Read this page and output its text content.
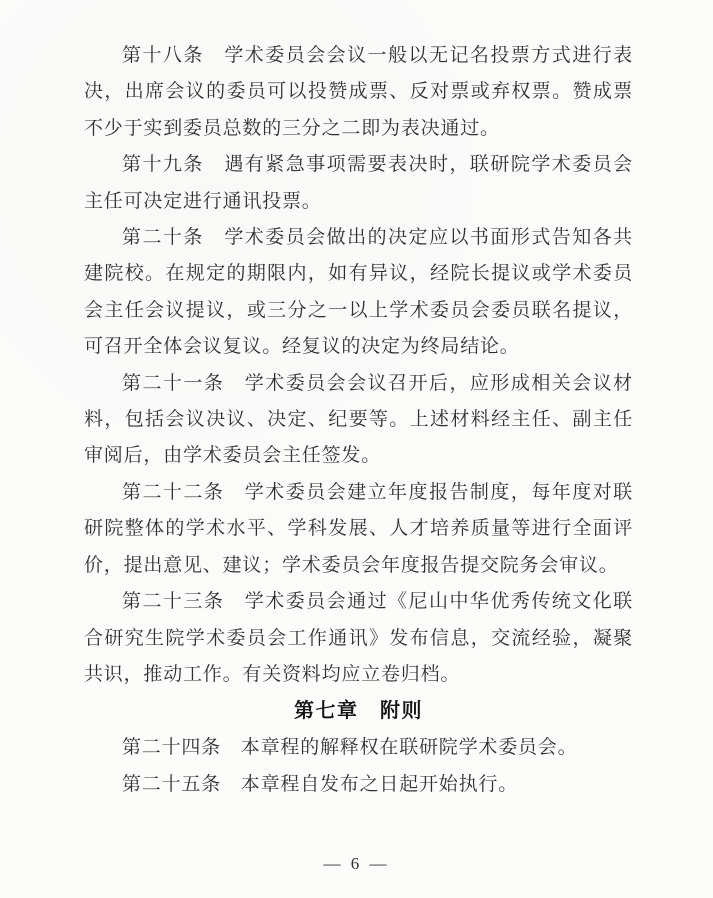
第十八条　学术委员会会议一般以无记名投票方式进行表决，出席会议的委员可以投赞成票、反对票或弃权票。赞成票不少于实到委员总数的三分之二即为表决通过。

第十九条　遇有紧急事项需要表决时，联研院学术委员会主任可决定进行通讯投票。

第二十条　学术委员会做出的决定应以书面形式告知各共建院校。在规定的期限内，如有异议，经院长提议或学术委员会主任会议提议，或三分之一以上学术委员会委员联名提议，可召开全体会议复议。经复议的决定为终局结论。

第二十一条　学术委员会会议召开后，应形成相关会议材料，包括会议决议、决定、纪要等。上述材料经主任、副主任审阅后，由学术委员会主任签发。

第二十二条　学术委员会建立年度报告制度，每年度对联研院整体的学术水平、学科发展、人才培养质量等进行全面评价，提出意见、建议；学术委员会年度报告提交院务会审议。

第二十三条　学术委员会通过《尼山中华优秀传统文化联合研究生院学术委员会工作通讯》发布信息，交流经验，凝聚共识，推动工作。有关资料均应立卷归档。

第七章　附则

第二十四条　本章程的解释权在联研院学术委员会。

第二十五条　本章程自发布之日起开始执行。

— 6 —
